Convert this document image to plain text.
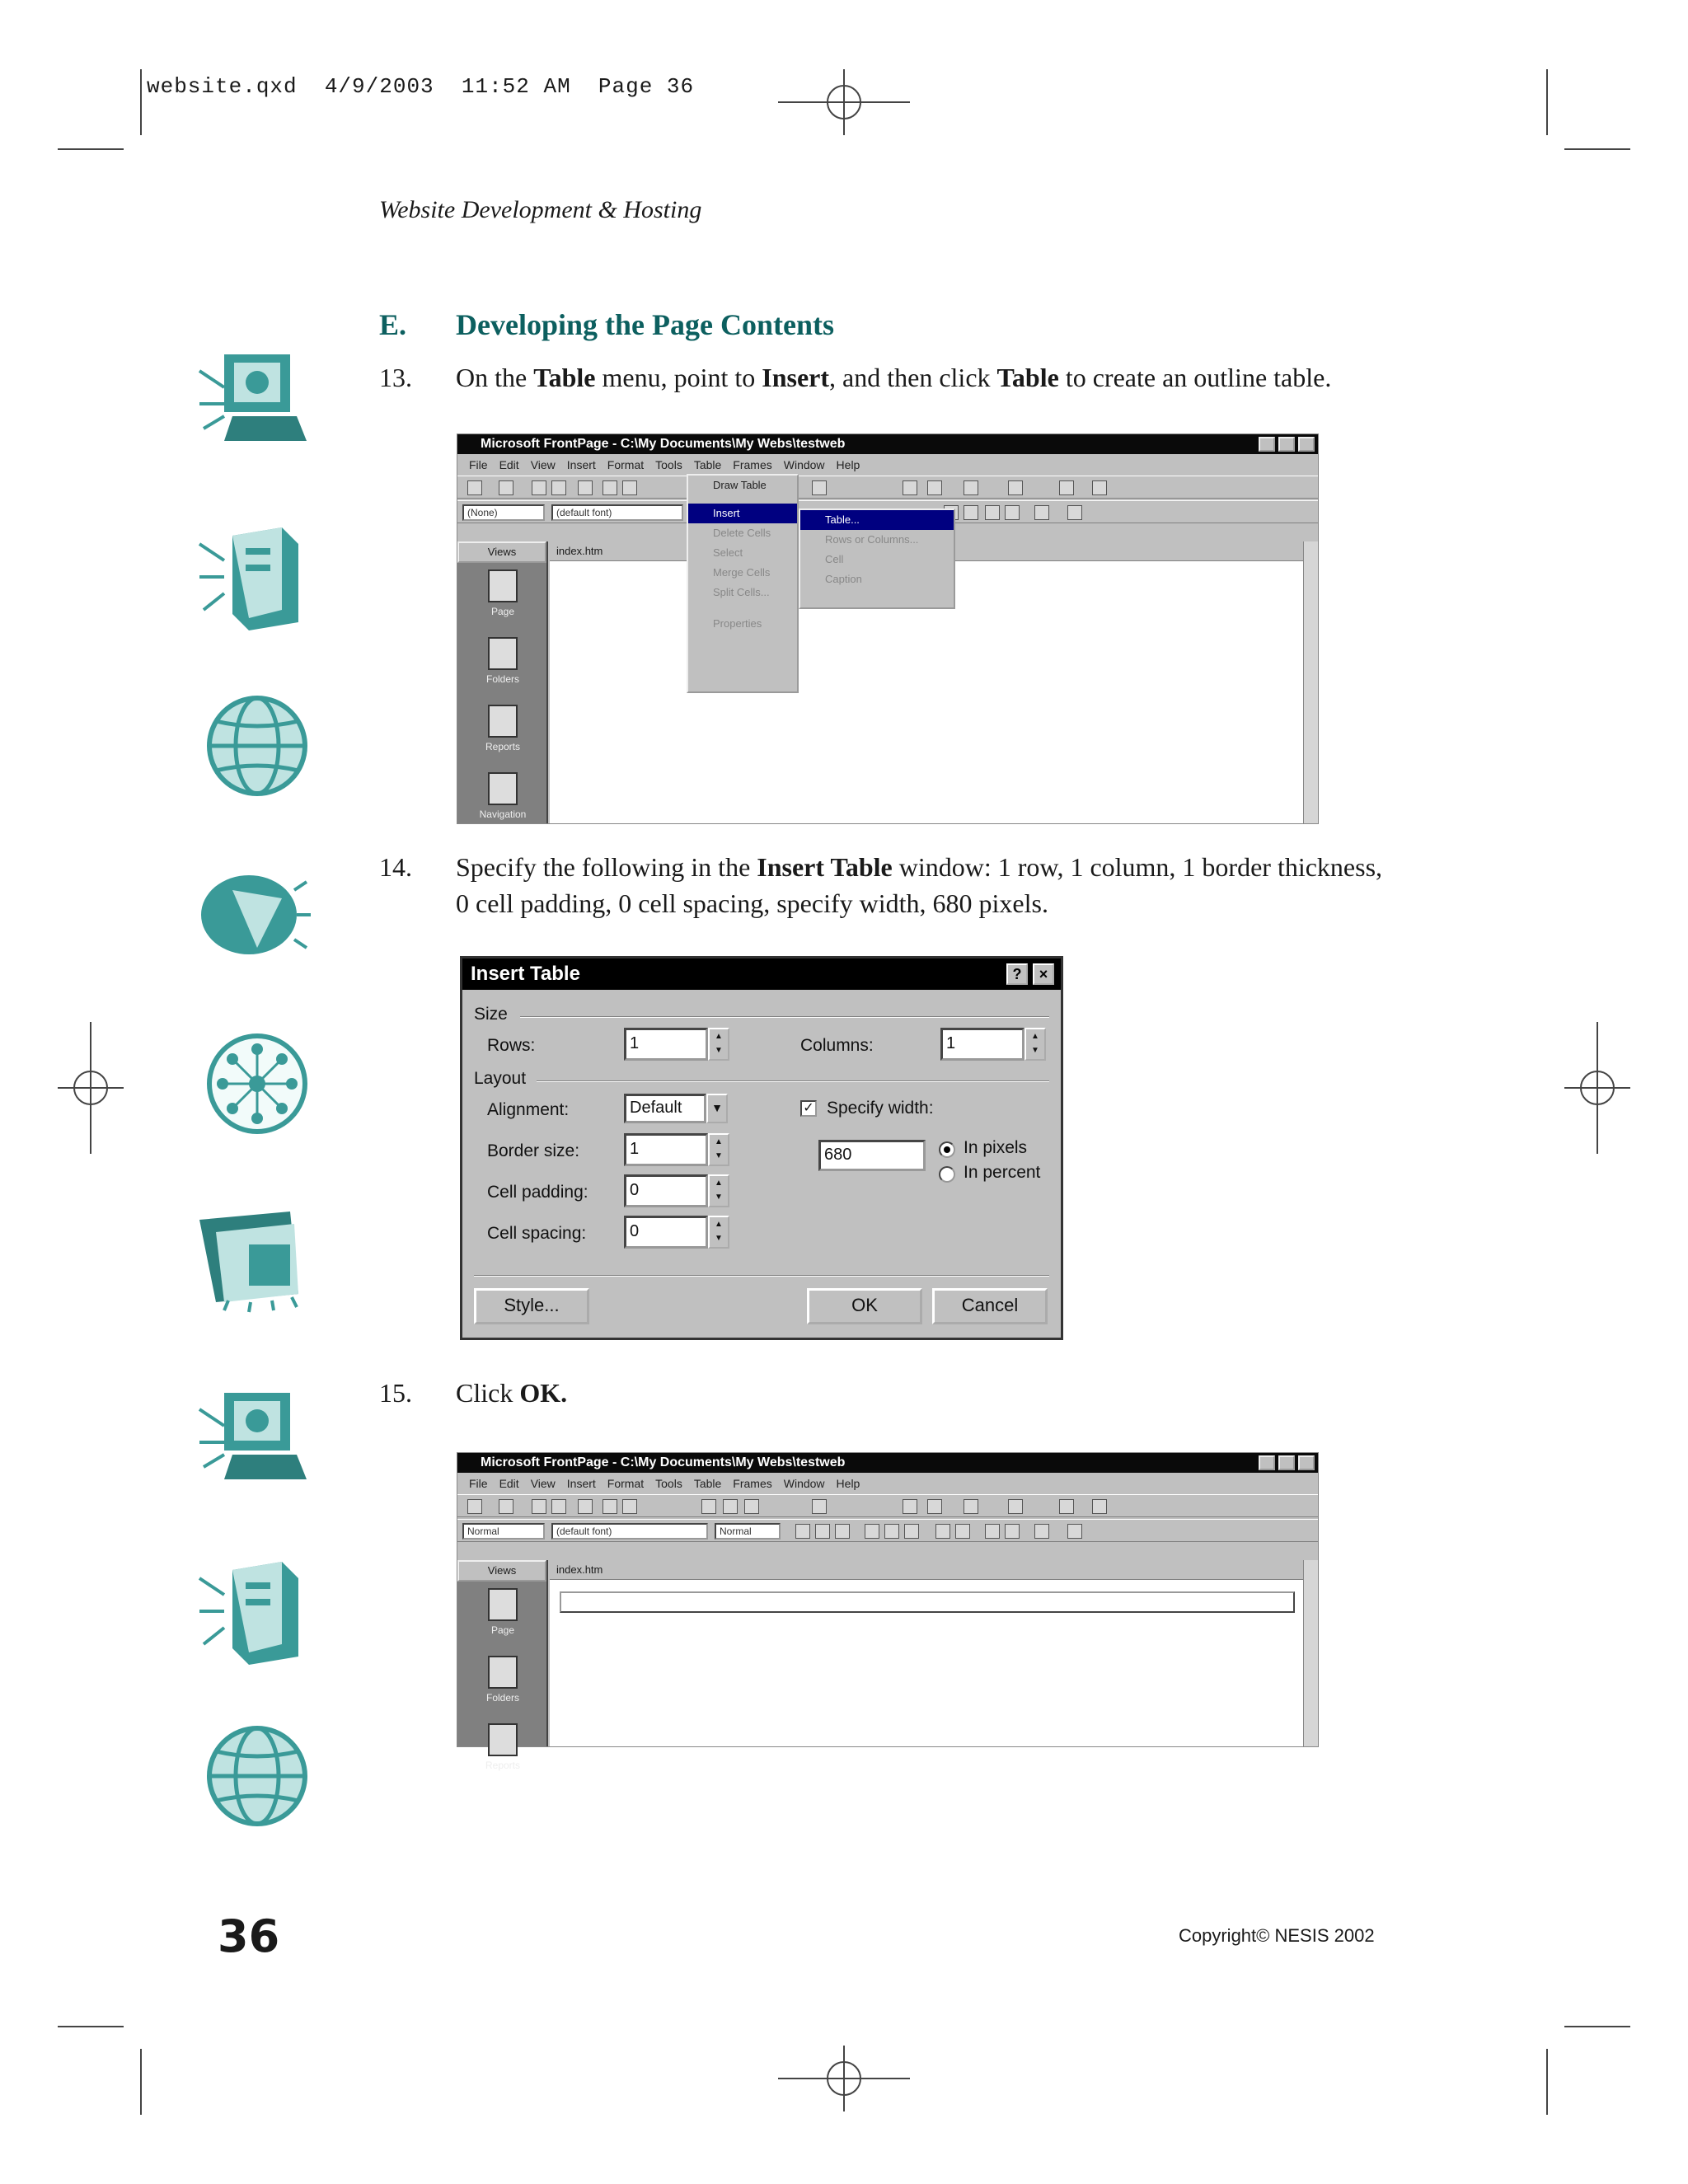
website.qxd  4/9/2003  11:52 AM  Page 36
Website Development & Hosting
E. Developing the Page Contents
13. On the Table menu, point to Insert, and then click Table to create an outline table.
Microsoft FrontPage - C:\My Documents\My Webs\testweb
File Edit View Insert Format Tools Table Frames Window Help
(None)	(default font)
Views
Page
Folders
Reports
Navigation
index.htm
Draw Table
Insert
Delete Cells
Select
Merge Cells
Split Cells...
Properties
Table...
Rows or Columns...
Cell
Caption
14. Specify the following in the Insert Table window: 1 row, 1 column, 1 border thickness, 0 cell padding, 0 cell spacing, specify width, 680 pixels.
Insert Table	?	×
Size
Rows:	1	▲
▼	Columns:	1	▲
▼
Layout
Alignment:	Default	▼
Border size:	1	▲
▼
Cell padding:	0	▲
▼
Cell spacing:	0	▲
▼
✓ Specify width:
680	In pixels
In percent
Style...	OK	Cancel
15. Click OK.
Microsoft FrontPage - C:\My Documents\My Webs\testweb
File Edit View Insert Format Tools Table Frames Window Help
Normal	(default font)	Normal
Views
Page
Folders
Reports
index.htm
36	Copyright© NESIS 2002
